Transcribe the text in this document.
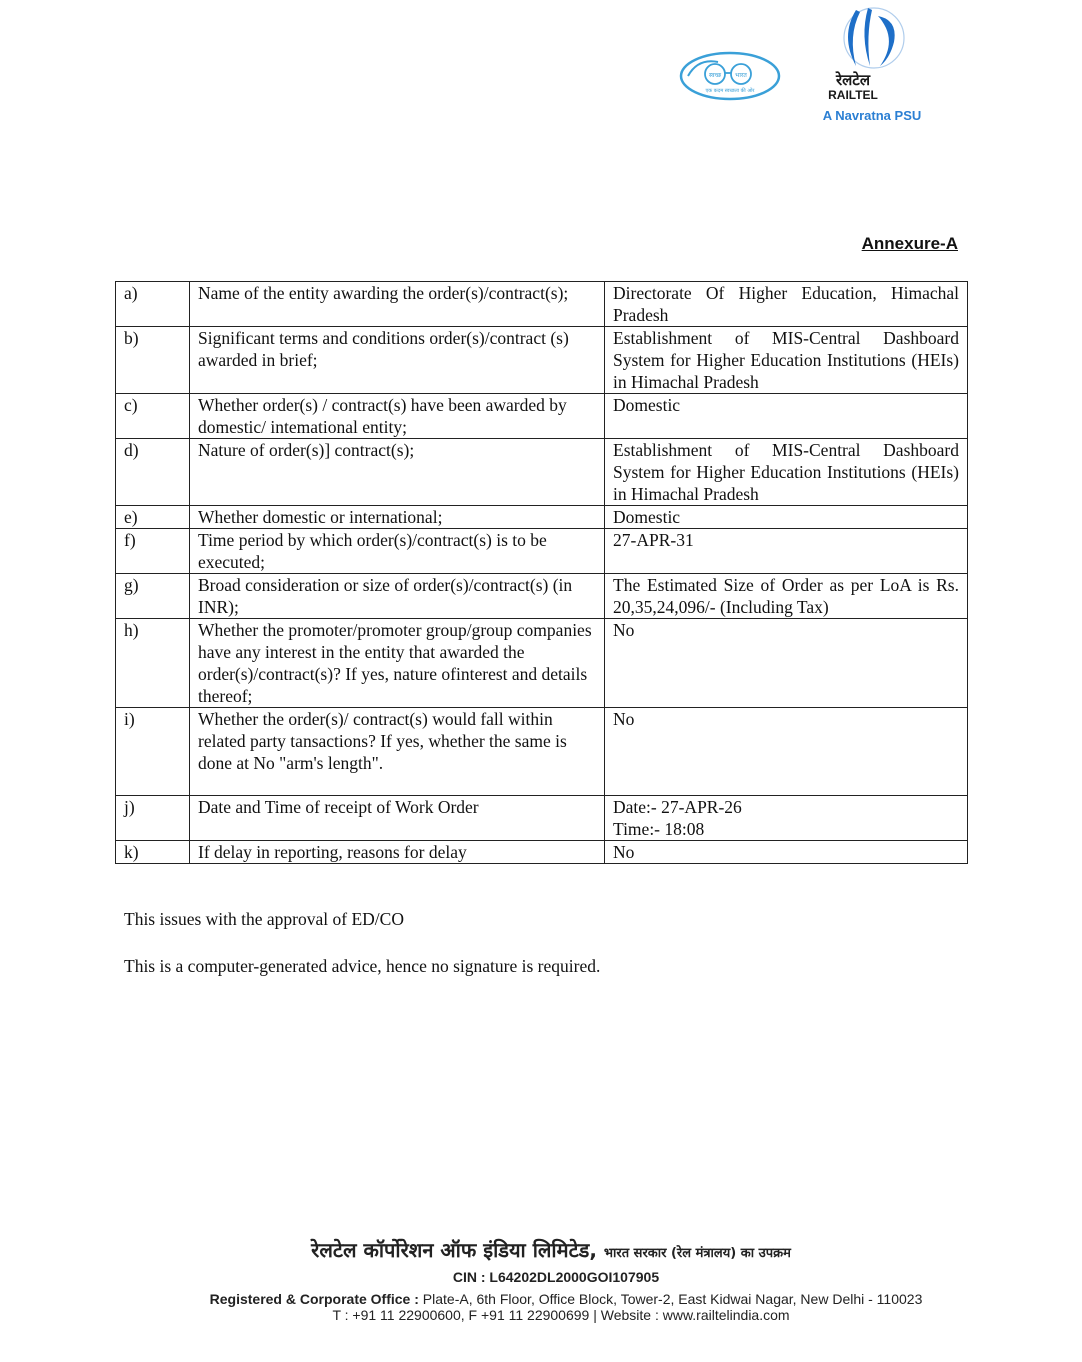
स्वच्छ भारत
एक कदम स्वच्छता की ओर
रेलटेल
RAILTEL
A Navratna PSU
Annexure-A
a)	Name of the entity awarding the order(s)/contract(s);	Directorate Of Higher Education, Himachal Pradesh
b)	Significant terms and conditions order(s)/contract (s) awarded in brief;	Establishment of MIS-Central Dashboard System for Higher Education Institutions (HEIs) in Himachal Pradesh
c)	Whether order(s) / contract(s) have been awarded by domestic/ intemational entity;	Domestic
d)	Nature of order(s)] contract(s);	Establishment of MIS-Central Dashboard System for Higher Education Institutions (HEIs) in Himachal Pradesh
e)	Whether domestic or international;	Domestic
f)	Time period by which order(s)/contract(s) is to be executed;	27-APR-31
g)	Broad consideration or size of order(s)/contract(s) (in INR);	The Estimated Size of Order as per LoA is Rs. 20,35,24,096/- (Including Tax)
h)	Whether the promoter/promoter group/group companies have any interest in the entity that awarded the order(s)/contract(s)? If yes, nature ofinterest and details thereof;	No
i)	Whether the order(s)/ contract(s) would fall within related party tansactions? If yes, whether the same is done at No "arm's length".	No
j)	Date and Time of receipt of Work Order	Date:- 27-APR-26
Time:- 18:08

k)	If delay in reporting, reasons for delay	No
This issues with the approval of ED/CO
This is a computer-generated advice, hence no signature is required.
रेलटेल कॉर्पोरेशन ऑफ इंडिया लिमिटेड, भारत सरकार (रेल मंत्रालय) का उपक्रम
CIN : L64202DL2000GOI107905
Registered & Corporate Office : Plate-A, 6th Floor, Office Block, Tower-2, East Kidwai Nagar, New Delhi - 110023
T : +91 11 22900600, F +91 11 22900699 | Website : www.railtelindia.com
